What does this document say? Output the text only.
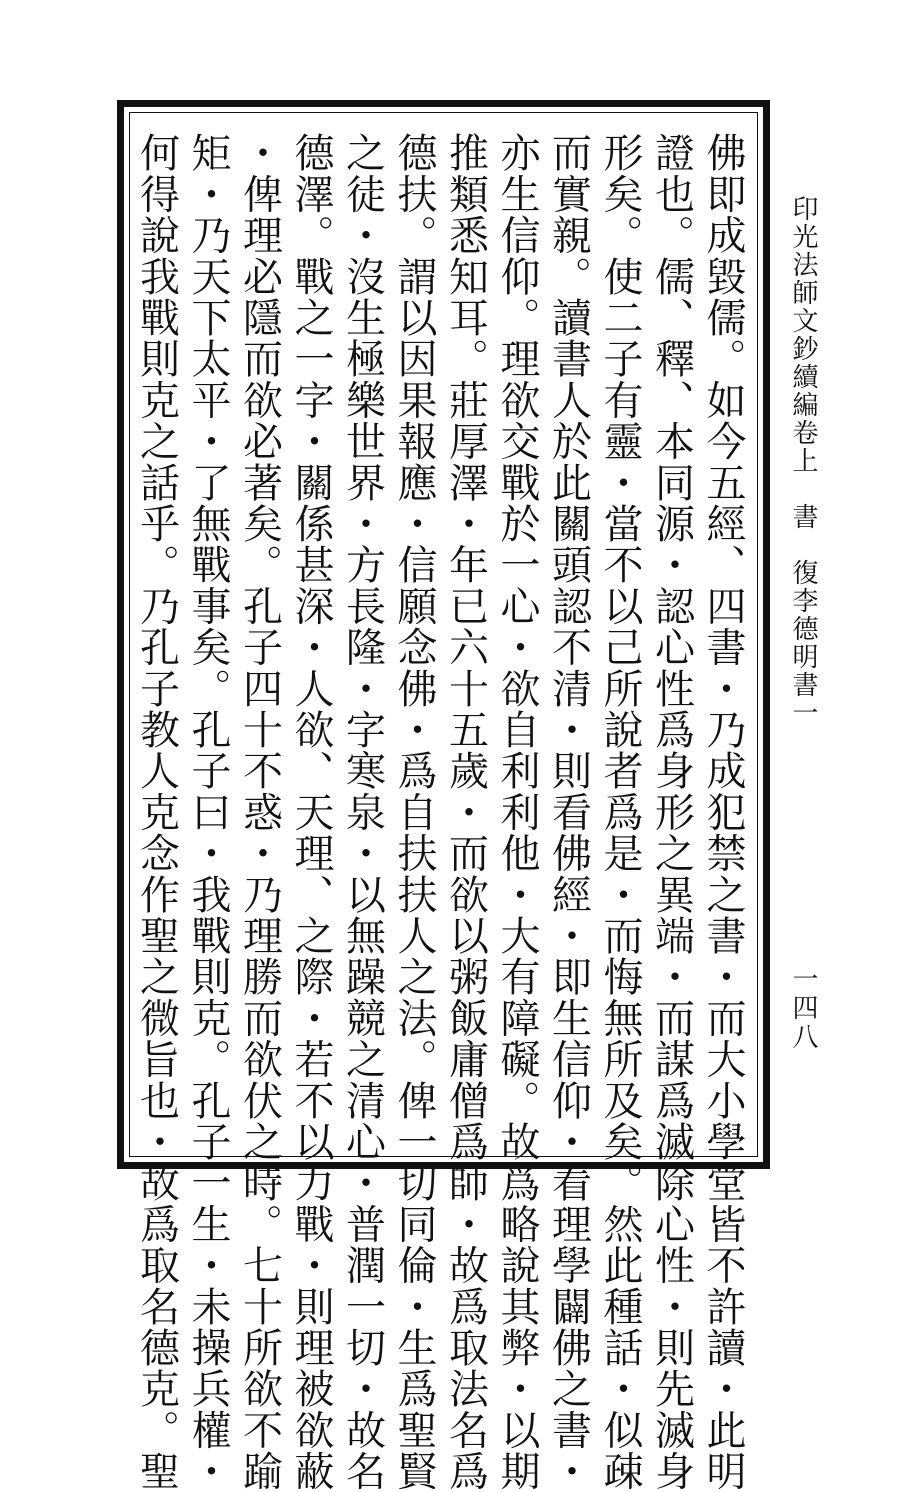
佛即成毀儒。如今五經、四書・乃成犯禁之書・而大小學堂皆不許讀・此明

證也。儒、釋、本同源・認心性爲身形之異端・而謀爲滅除心性・則先滅身

形矣。使二子有靈・當不以己所說者爲是・而悔無所及矣。然此種話・似疎

而實親。讀書人於此關頭認不清・則看佛經・即生信仰・看理學闢佛之書・

亦生信仰。理欲交戰於一心・欲自利利他・大有障礙。故爲略說其弊・以期

推類悉知耳。莊厚澤・年已六十五歲・而欲以粥飯庸僧爲師・故爲取法名爲

德扶。謂以因果報應・信願念佛・爲自扶扶人之法。俾一切同倫・生爲聖賢

之徒・沒生極樂世界・方長隆・字寒泉・以無躁競之清心・普潤一切・故名

德澤。戰之一字・關係甚深・人欲、天理、之際・若不以力戰・則理被欲蔽

・俾理必隱而欲必著矣。孔子四十不惑・乃理勝而欲伏之時。七十所欲不踰

矩・乃天下太平・了無戰事矣。孔子曰・我戰則克。孔子一生・未操兵權・

何得說我戰則克之話乎。乃孔子教人克念作聖之微旨也・故爲取名德克。聖	印光法師文鈔續編卷上　書　復李德明書一
一四八
